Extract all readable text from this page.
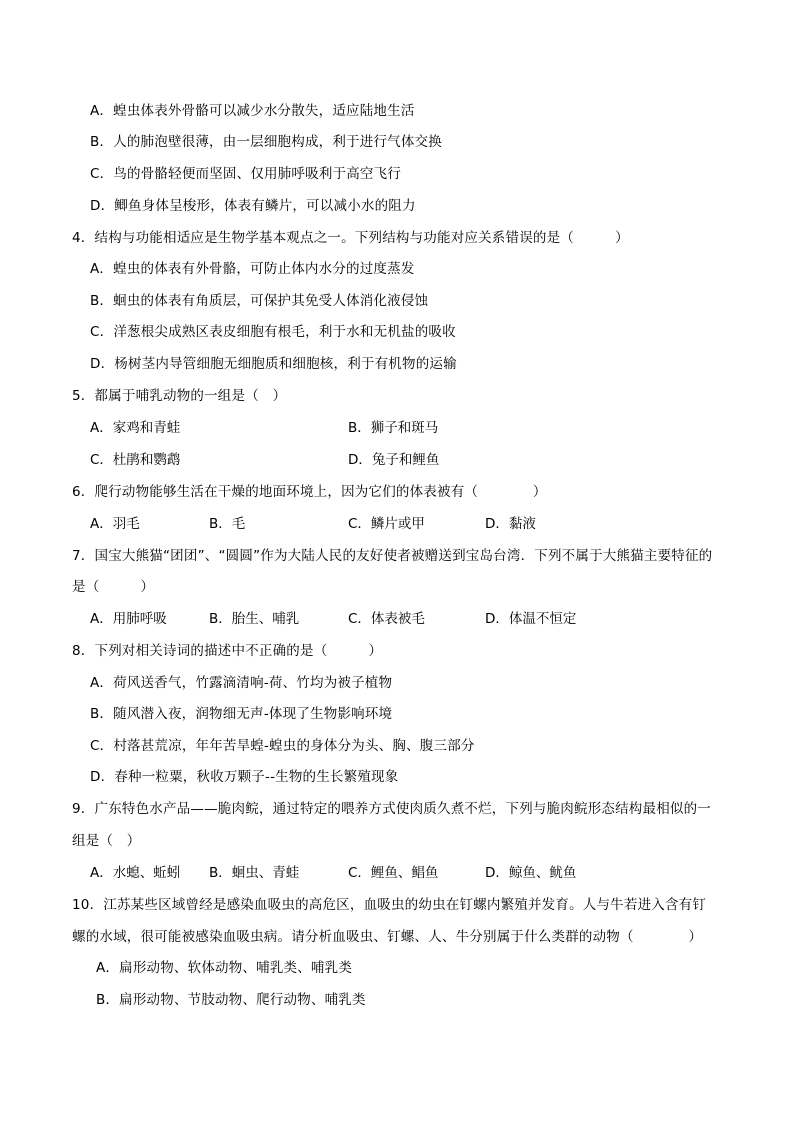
A．蝗虫体表外骨骼可以减少水分散失，适应陆地生活
B．人的肺泡壁很薄，由一层细胞构成，利于进行气体交换
C．鸟的骨骼轻便而坚固、仅用肺呼吸利于高空飞行
D．鲫鱼身体呈梭形，体表有鳞片，可以减小水的阻力
4．结构与功能相适应是生物学基本观点之一。下列结构与功能对应关系错误的是（　　　）
A．蝗虫的体表有外骨骼，可防止体内水分的过度蒸发
B．蛔虫的体表有角质层，可保护其免受人体消化液侵蚀
C．洋葱根尖成熟区表皮细胞有根毛，利于水和无机盐的吸收
D．杨树茎内导管细胞无细胞质和细胞核，利于有机物的运输
5．都属于哺乳动物的一组是（　）
A．家鸡和青蛙	B．狮子和斑马
C．杜鹃和鹦鹉	D．兔子和鲤鱼
6．爬行动物能够生活在干燥的地面环境上，因为它们的体表被有（　　　　）
A．羽毛	B．毛	C．鳞片或甲	D．黏液
7．国宝大熊猫“团团”、“圆圆”作为大陆人民的友好使者被赠送到宝岛台湾．下列不属于大熊猫主要特征的
是（　　　）
A．用肺呼吸	B．胎生、哺乳	C．体表被毛	D．体温不恒定
8．下列对相关诗词的描述中不正确的是（　　　）
A．荷风送香气，竹露滴清响-荷、竹均为被子植物
B．随风潜入夜，润物细无声-体现了生物影响环境
C．村落甚荒凉，年年苦旱蝗-蝗虫的身体分为头、胸、腹三部分
D．春种一粒粟，秋收万颗子--生物的生长繁殖现象
9．广东特色水产品——脆肉鲩，通过特定的喂养方式使肉质久煮不烂，下列与脆肉鲩形态结构最相似的一
组是（　）
A．水螅、蚯蚓 B．蛔虫、青蛙	C．鲤鱼、鲳鱼	D．鲸鱼、鱿鱼
10．江苏某些区域曾经是感染血吸虫的高危区，血吸虫的幼虫在钉螺内繁殖并发育。人与牛若进入含有钉
螺的水域，很可能被感染血吸虫病。请分析血吸虫、钉螺、人、牛分别属于什么类群的动物（　　　　）
A．扁形动物、软体动物、哺乳类、哺乳类
B．扁形动物、节肢动物、爬行动物、哺乳类
